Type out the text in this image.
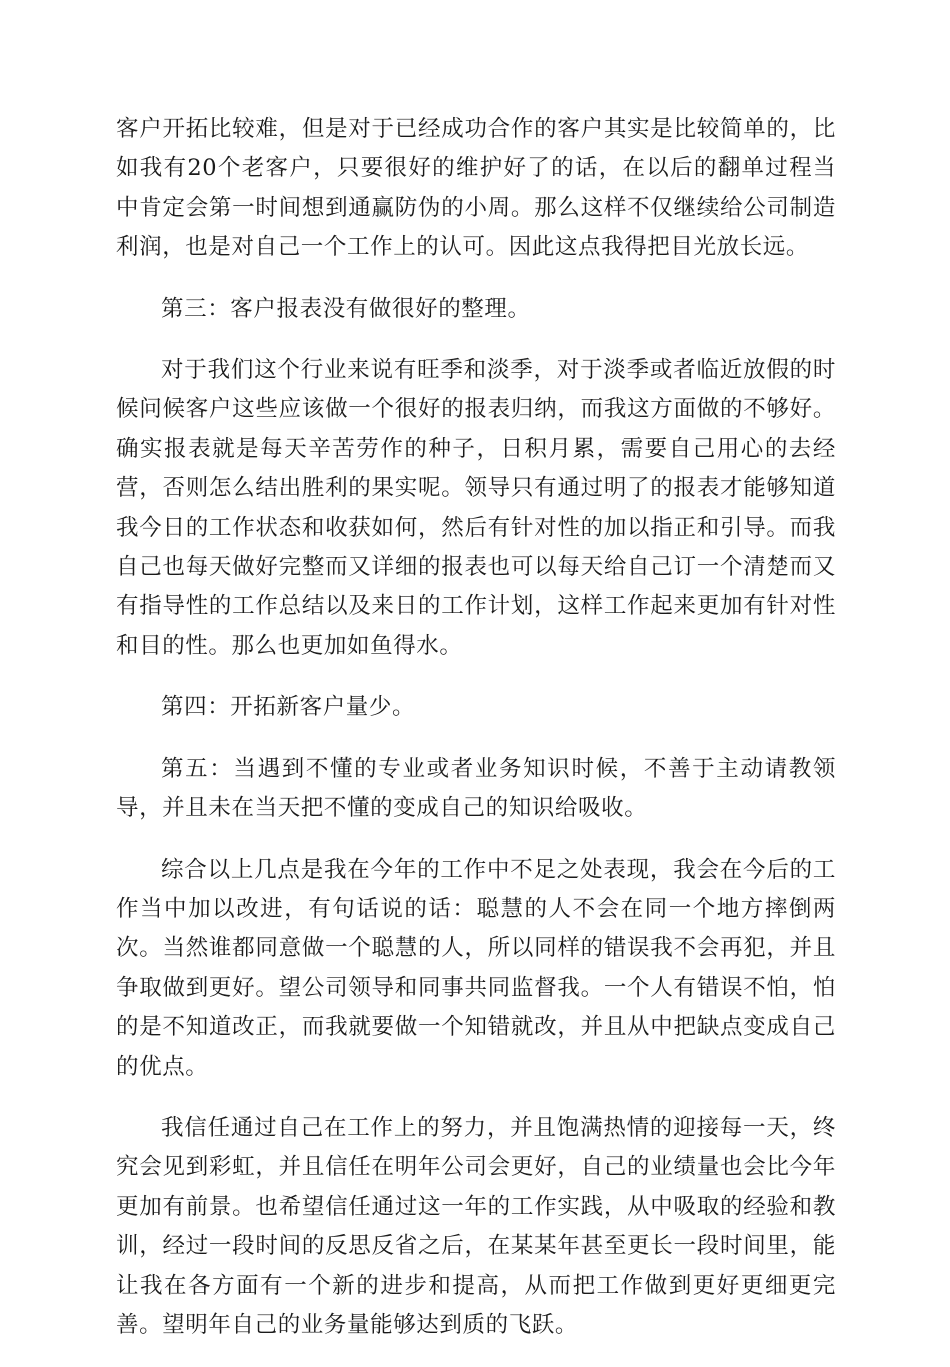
客户开拓比较难，但是对于已经成功合作的客户其实是比较简单的，比如我有20个老客户，只要很好的维护好了的话，在以后的翻单过程当中肯定会第一时间想到通赢防伪的小周。那么这样不仅继续给公司制造利润，也是对自己一个工作上的认可。因此这点我得把目光放长远。

第三：客户报表没有做很好的整理。

对于我们这个行业来说有旺季和淡季，对于淡季或者临近放假的时候问候客户这些应该做一个很好的报表归纳，而我这方面做的不够好。确实报表就是每天辛苦劳作的种子，日积月累，需要自己用心的去经营，否则怎么结出胜利的果实呢。领导只有通过明了的报表才能够知道我今日的工作状态和收获如何，然后有针对性的加以指正和引导。而我自己也每天做好完整而又详细的报表也可以每天给自己订一个清楚而又有指导性的工作总结以及来日的工作计划，这样工作起来更加有针对性和目的性。那么也更加如鱼得水。

第四：开拓新客户量少。

第五：当遇到不懂的专业或者业务知识时候，不善于主动请教领导，并且未在当天把不懂的变成自己的知识给吸收。

综合以上几点是我在今年的工作中不足之处表现，我会在今后的工作当中加以改进，有句话说的话：聪慧的人不会在同一个地方摔倒两次。当然谁都同意做一个聪慧的人，所以同样的错误我不会再犯，并且争取做到更好。望公司领导和同事共同监督我。一个人有错误不怕，怕的是不知道改正，而我就要做一个知错就改，并且从中把缺点变成自己的优点。

我信任通过自己在工作上的努力，并且饱满热情的迎接每一天，终究会见到彩虹，并且信任在明年公司会更好，自己的业绩量也会比今年更加有前景。也希望信任通过这一年的工作实践，从中吸取的经验和教训，经过一段时间的反思反省之后，在某某年甚至更长一段时间里，能让我在各方面有一个新的进步和提高，从而把工作做到更好更细更完善。望明年自己的业务量能够达到质的飞跃。
